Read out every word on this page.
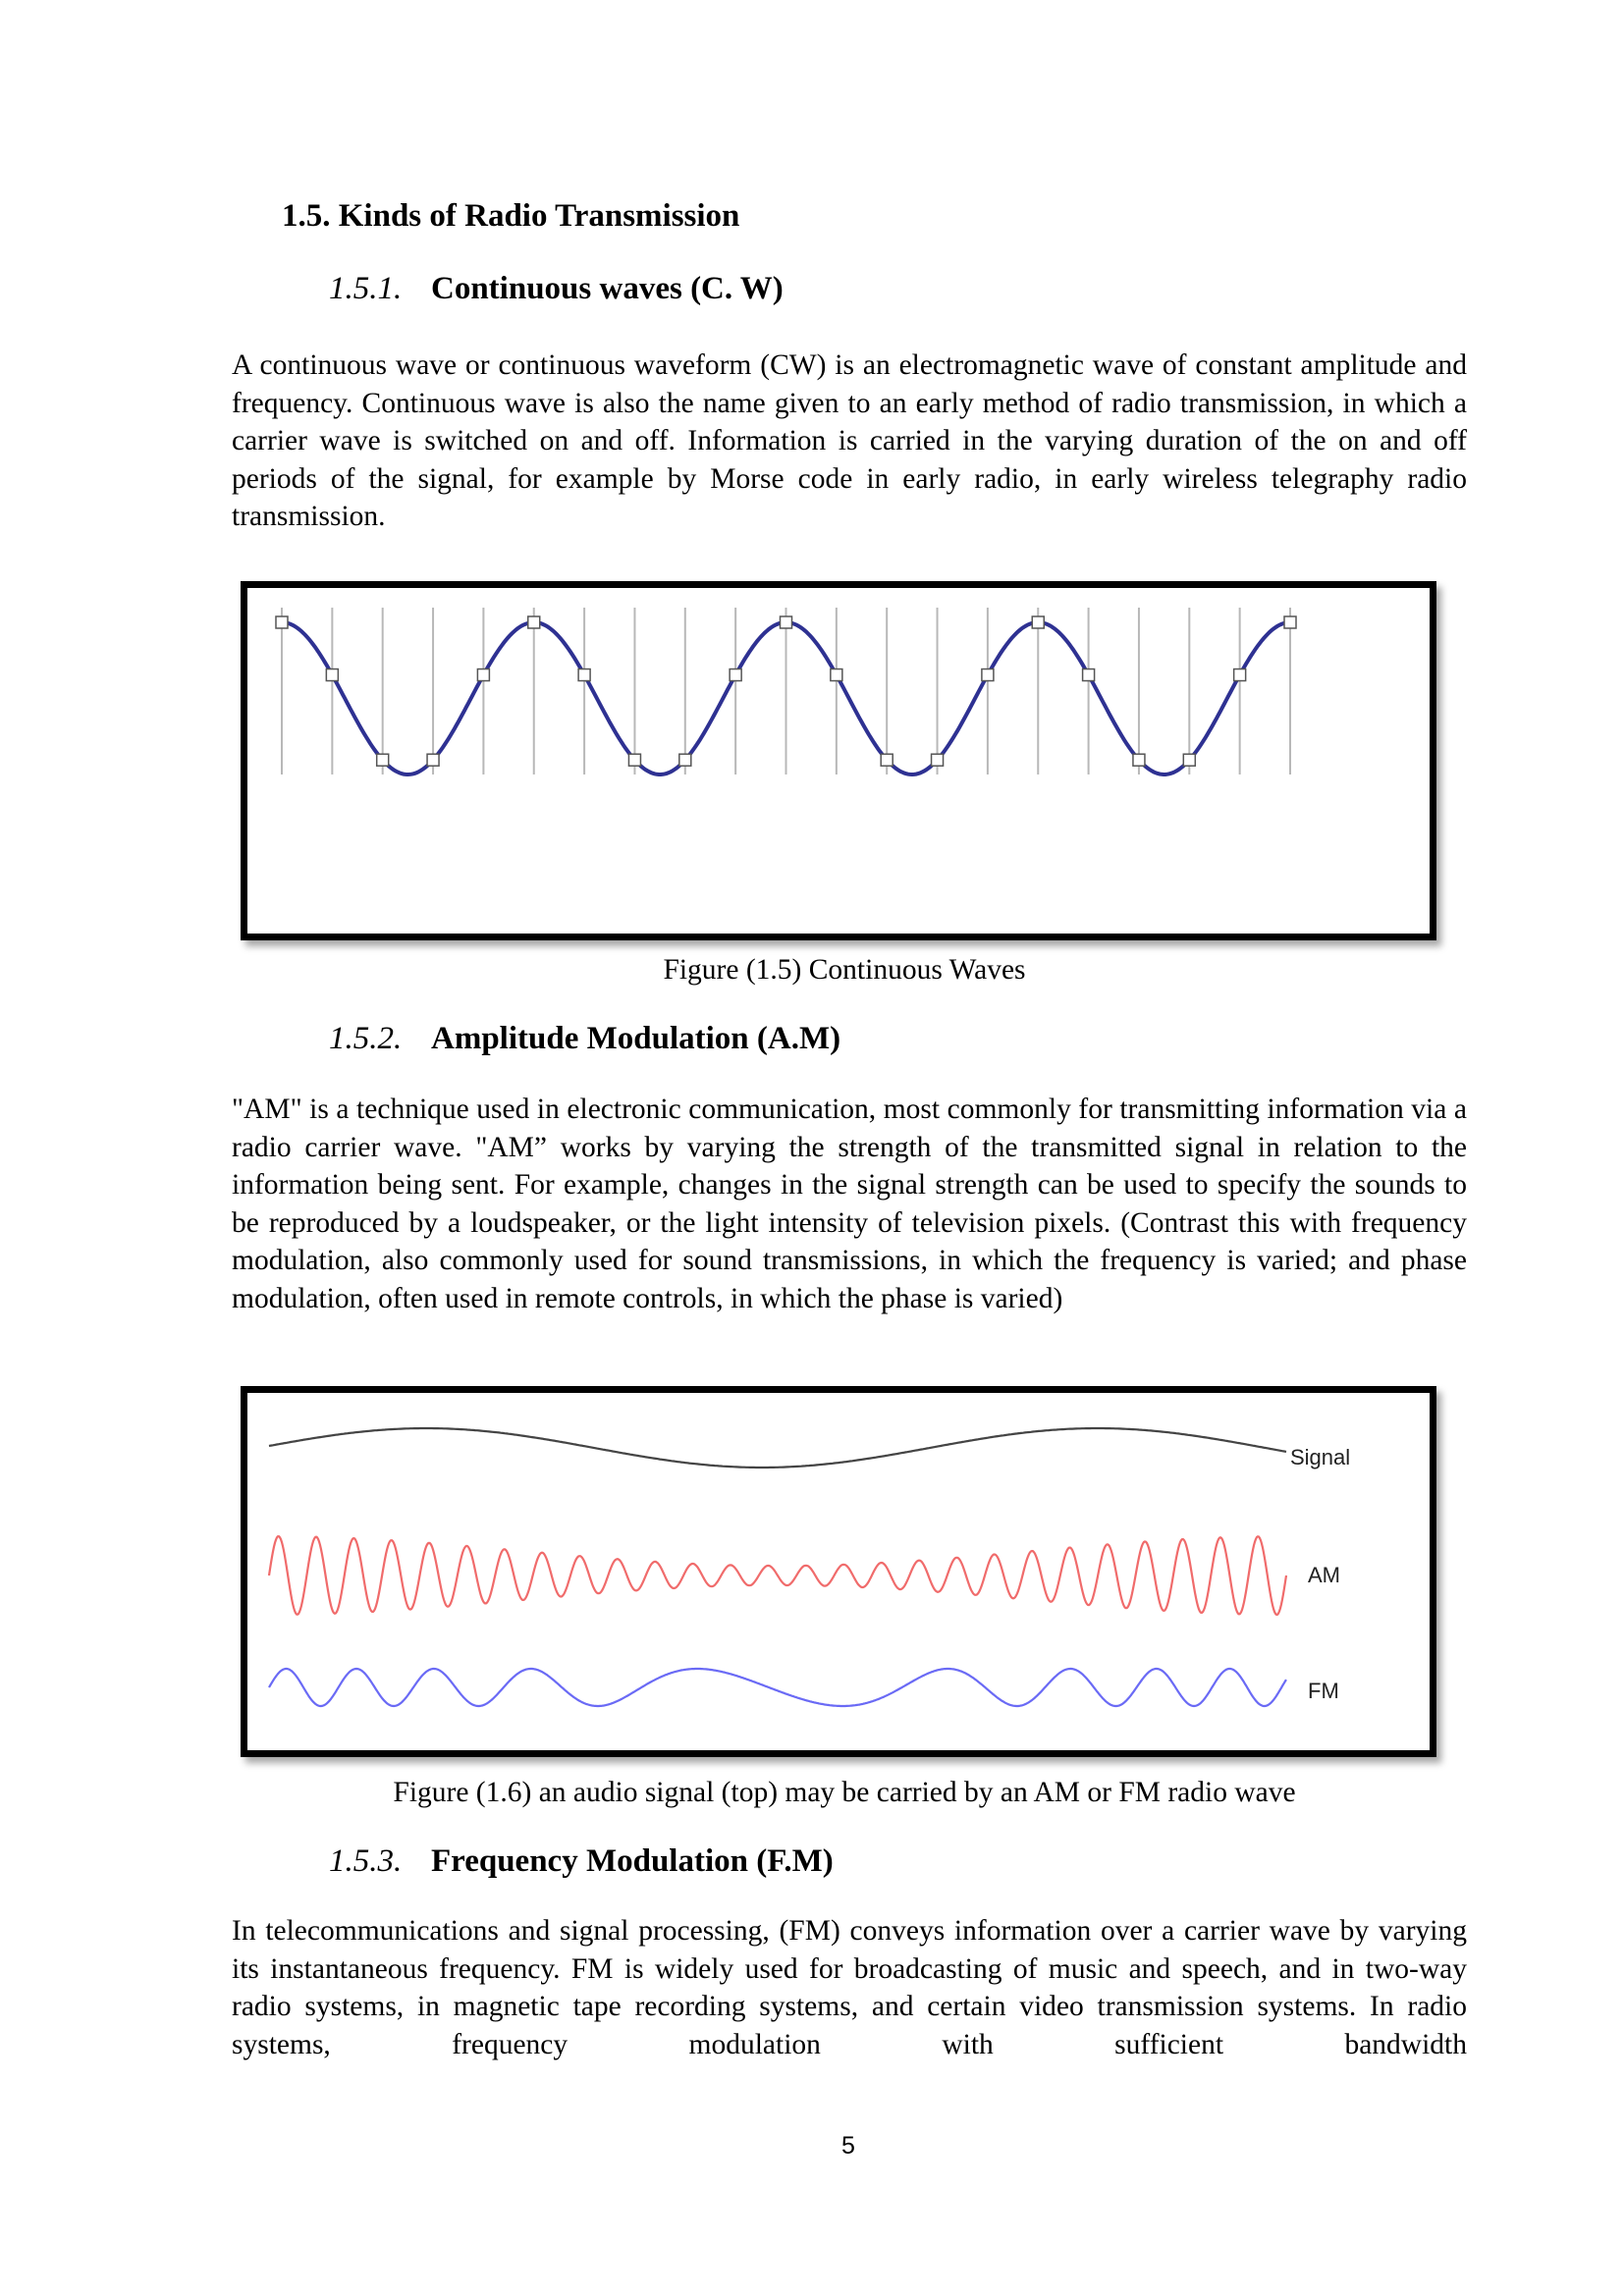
1.5. Kinds of Radio Transmission
1.5.1. Continuous waves (C. W)

A continuous wave or continuous waveform (CW) is an electromagnetic wave of constant amplitude and frequency. Continuous wave is also the name given to an early method of radio transmission, in which a carrier wave is switched on and off. Information is carried in the varying duration of the on and off periods of the signal, for example by Morse code in early radio, in early wireless telegraphy radio transmission.

Figure (1.5) Continuous Waves
1.5.2. Amplitude Modulation (A.M)

"AM" is a technique used in electronic communication, most commonly for transmitting information via a radio carrier wave. "AM” works by varying the strength of the transmitted signal in relation to the information being sent. For example, changes in the signal strength can be used to specify the sounds to be reproduced by a loudspeaker, or the light intensity of television pixels. (Contrast this with frequency modulation, also commonly used for sound transmissions, in which the frequency is varied; and phase modulation, often used in remote controls, in which the phase is varied)

Signal
AM
FM
Figure (1.6) an audio signal (top) may be carried by an AM or FM radio wave
1.5.3. Frequency Modulation (F.M)

In telecommunications and signal processing, (FM) conveys information over a carrier wave by varying its instantaneous frequency. FM is widely used for broadcasting of music and speech, and in two-way radio systems, in magnetic tape recording systems, and certain video transmission systems. In radio systems, frequency modulation with sufficient bandwidth

5
